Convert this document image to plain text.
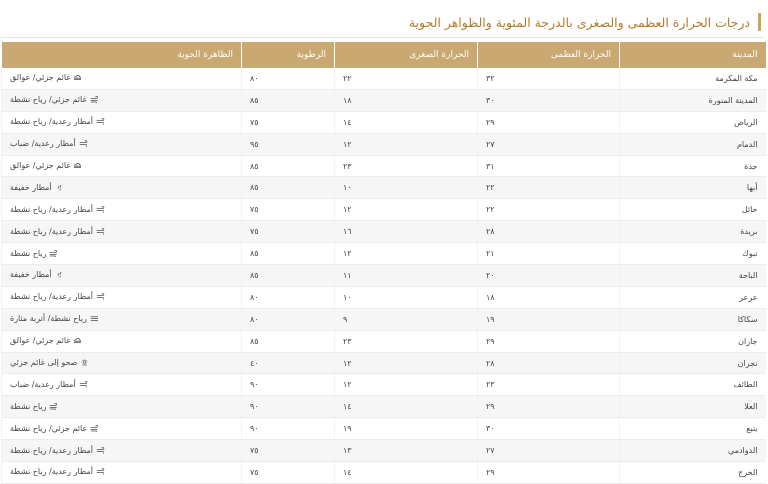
درجات الحرارة العظمى والصغرى بالدرجة المئوية والظواهر الجوية
المدينة	الحرارة العظمى	الحرارة الصغرى	الرطوبة	الظاهرة الجوية
مكة المكرمة	٣٢	٢٢	٨٠	غائم جزئي/ عوالق

المدينة المنورة	٣٠	١٨	٨٥	غائم جزئي/ رياح نشطة

الرياض	٢٩	١٤	٧٥	أمطار رعدية/ رياح نشطة

الدمام	٢٧	١٢	٩٥	أمطار رعدية/ ضباب

جدة	٣١	٢٣	٨٥	غائم جزئي/ عوالق

أبها	٢٢	١٠	٨٥	أمطار خفيفة

حائل	٢٢	١٢	٧٥	أمطار رعدية/ رياح نشطة

بريدة	٢٨	١٦	٧٥	أمطار رعدية/ رياح نشطة

تبوك	٢١	١٢	٨٥	رياح نشطة

الباحة	٢٠	١١	٨٥	أمطار خفيفة

عرعر	١٨	١٠	٨٠	أمطار رعدية/ رياح نشطة

سكاكا	١٩	٩	٨٠	رياح نشطة/ أتربة مثارة

جازان	٢٩	٢٣	٨٥	غائم جزئي/ عوالق

نجران	٢٨	١٢	٤٠	صحو إلى غائم جزئي

الطائف	٢٣	١٢	٩٠	أمطار رعدية/ ضباب

العلا	٢٩	١٤	٩٠	رياح نشطة

ينبع	٣٠	١٩	٩٠	غائم جزئي/ رياح نشطة

الدوادمي	٢٧	١٣	٧٥	أمطار رعدية/ رياح نشطة

الخرج	٢٩	١٤	٧٥	أمطار رعدية/ رياح نشطة
